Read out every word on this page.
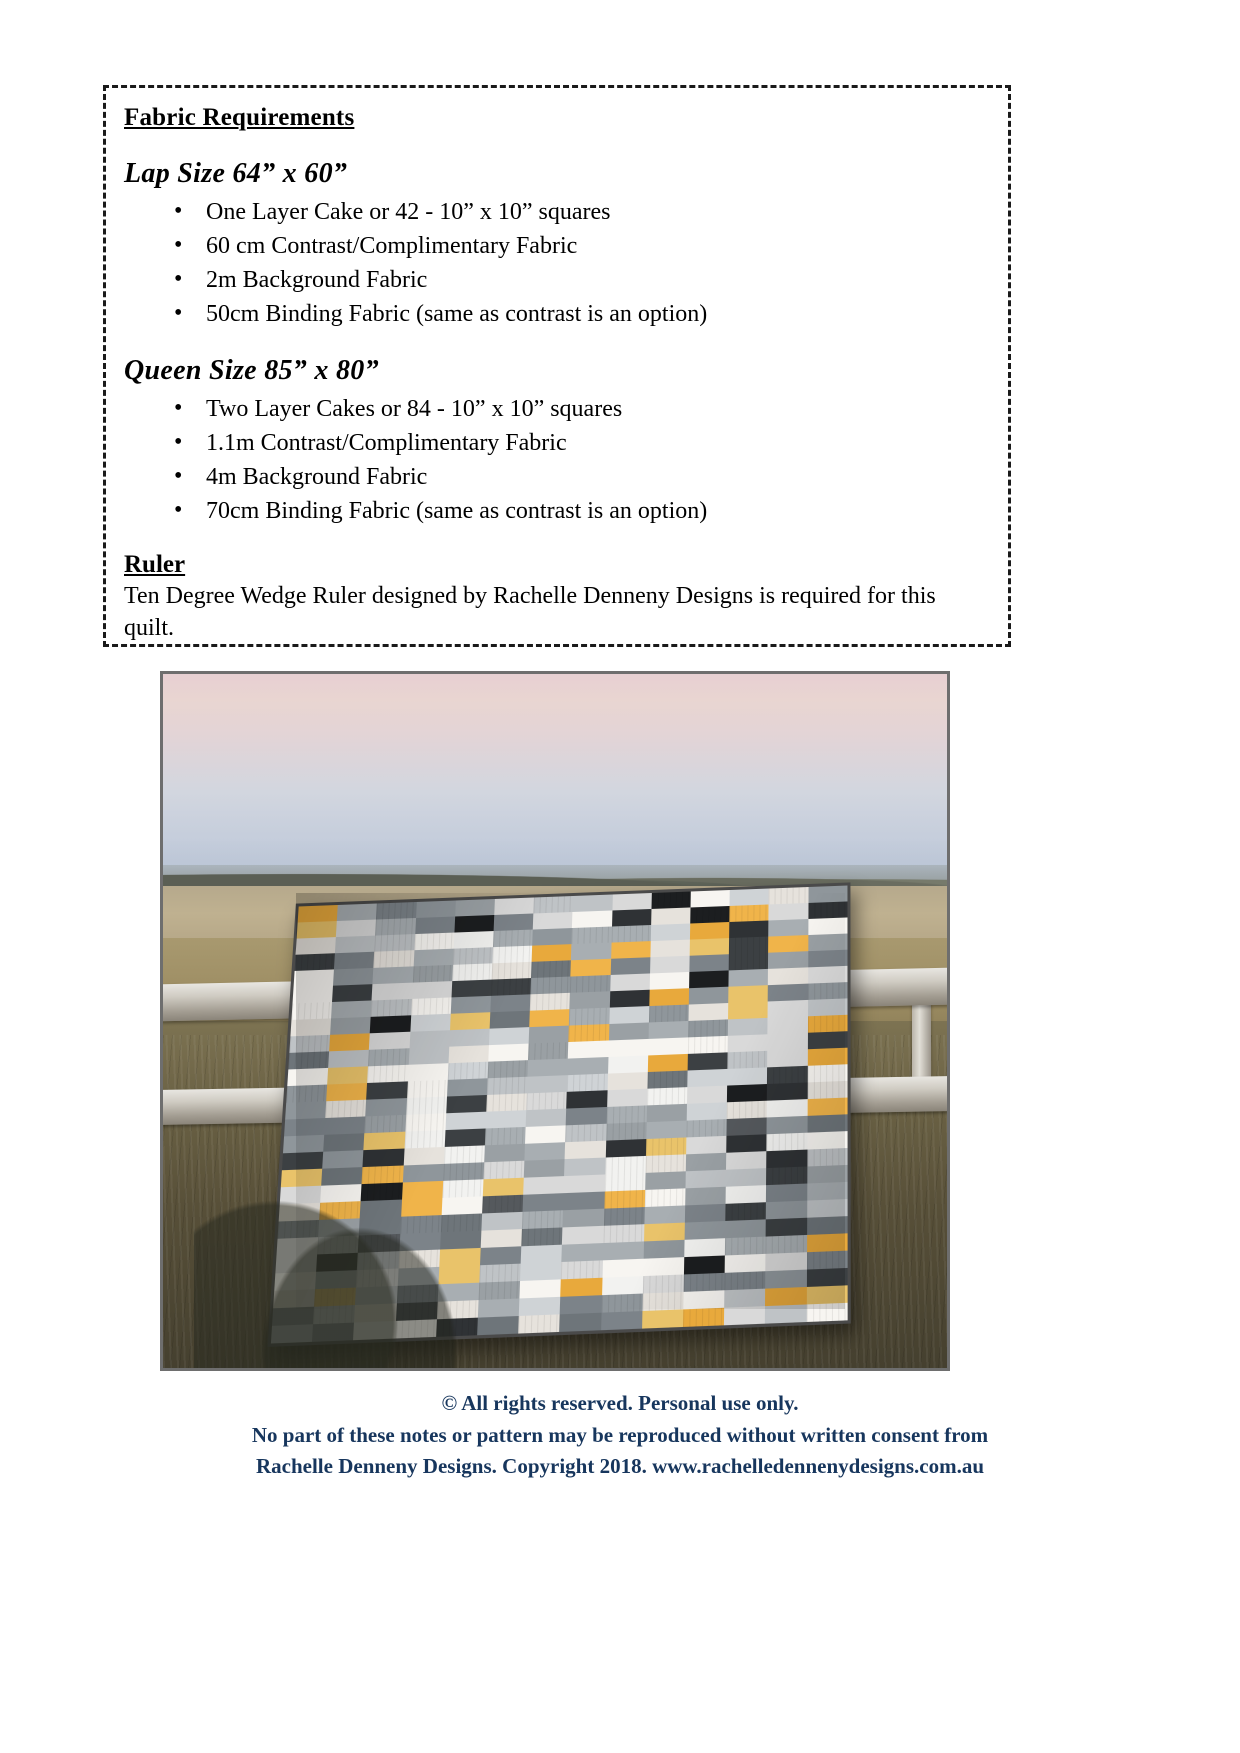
Fabric Requirements
Lap Size 64” x 60”
• One Layer Cake or 42 - 10” x 10” squares
• 60 cm Contrast/Complimentary Fabric
• 2m Background Fabric
• 50cm Binding Fabric (same as contrast is an option)
Queen Size 85” x 80”
• Two Layer Cakes or 84 - 10” x 10” squares
• 1.1m Contrast/Complimentary Fabric
• 4m Background Fabric
• 70cm Binding Fabric (same as contrast is an option)
Ruler

Ten Degree Wedge Ruler designed by Rachelle Denneny Designs is required for this quilt.

© All rights reserved. Personal use only.
No part of these notes or pattern may be reproduced without written consent from
Rachelle Denneny Designs. Copyright 2018. www.rachelledennenydesigns.com.au
